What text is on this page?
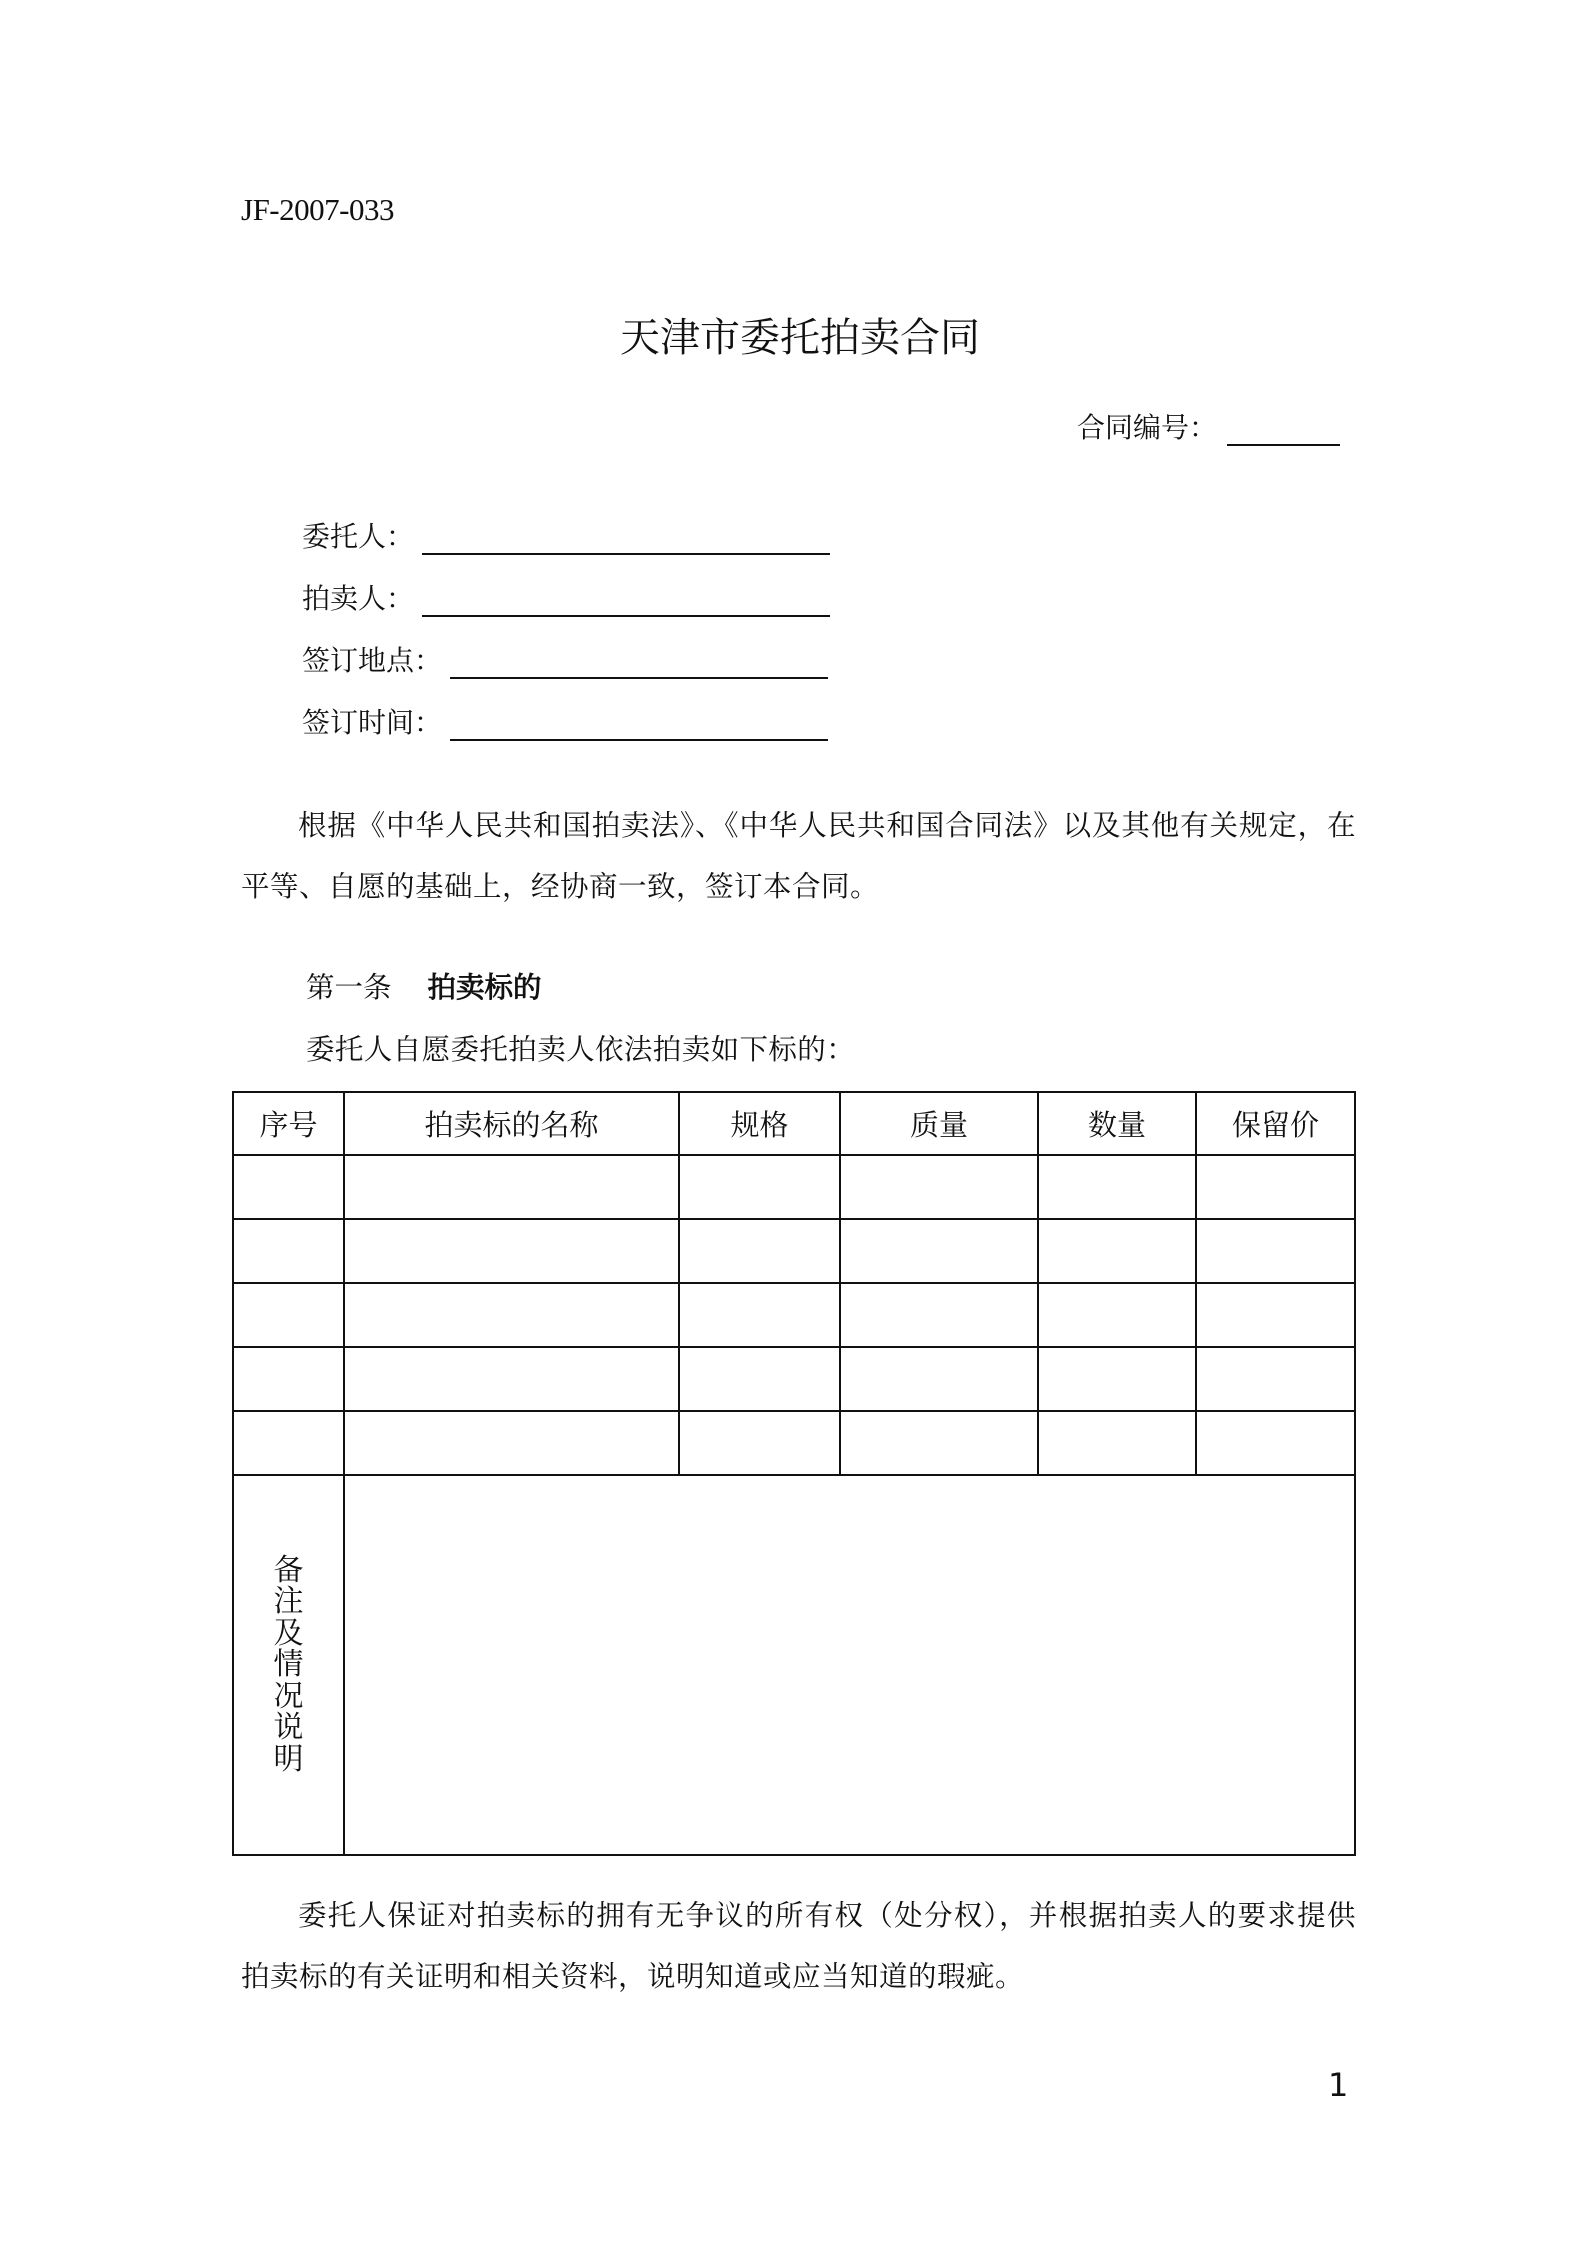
JF-2007-033
天津市委托拍卖合同
合同编号：
委托人：
拍卖人：
签订地点：
签订时间：
根据《中华人民共和国拍卖法》、《中华人民共和国合同法》以及其他有关规定，在平等、自愿的基础上，经协商一致，签订本合同。
第一条 拍卖标的
委托人自愿委托拍卖人依法拍卖如下标的：
序号	拍卖标的名称	规格	质量	数量	保留价

备注及情况说明					
委托人保证对拍卖标的拥有无争议的所有权（处分权），并根据拍卖人的要求提供拍卖标的有关证明和相关资料，说明知道或应当知道的瑕疵。
1
